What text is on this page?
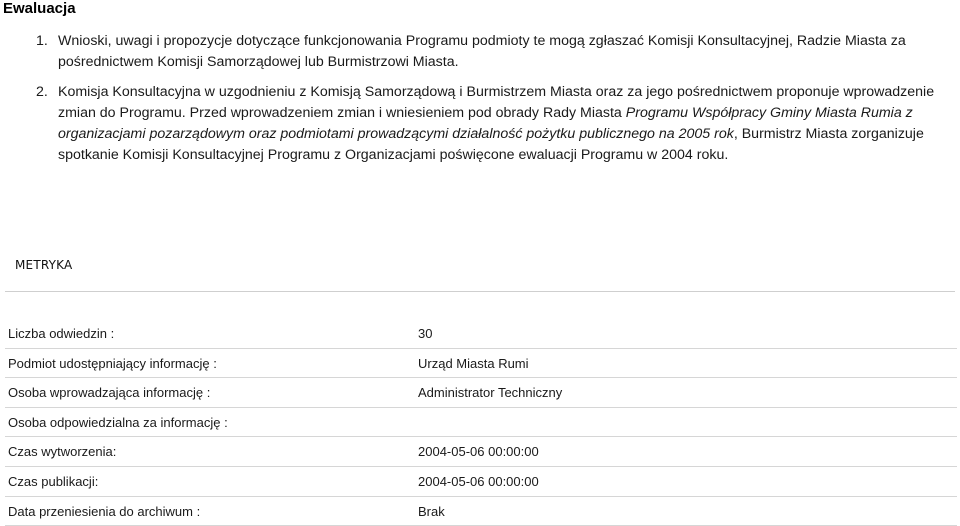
Ewaluacja
1. Wnioski, uwagi i propozycje dotyczące funkcjonowania Programu podmioty te mogą zgłaszać Komisji Konsultacyjnej, Radzie Miasta za
pośrednictwem Komisji Samorządowej lub Burmistrzowi Miasta.
2. Komisja Konsultacyjna w uzgodnieniu z Komisją Samorządową i Burmistrzem Miasta oraz za jego pośrednictwem proponuje wprowadzenie
zmian do Programu. Przed wprowadzeniem zmian i wniesieniem pod obrady Rady Miasta Programu Współpracy Gminy Miasta Rumia z
organizacjami pozarządowym oraz podmiotami prowadzącymi działalność pożytku publicznego na 2005 rok, Burmistrz Miasta zorganizuje
spotkanie Komisji Konsultacyjnej Programu z Organizacjami poświęcone ewaluacji Programu w 2004 roku.
METRYKA
Liczba odwiedzin :	30
Podmiot udostępniający informację :	Urząd Miasta Rumi
Osoba wprowadzająca informację :	Administrator Techniczny
Osoba odpowiedzialna za informację :
Czas wytworzenia:	2004-05-06 00:00:00
Czas publikacji:	2004-05-06 00:00:00
Data przeniesienia do archiwum :	Brak
